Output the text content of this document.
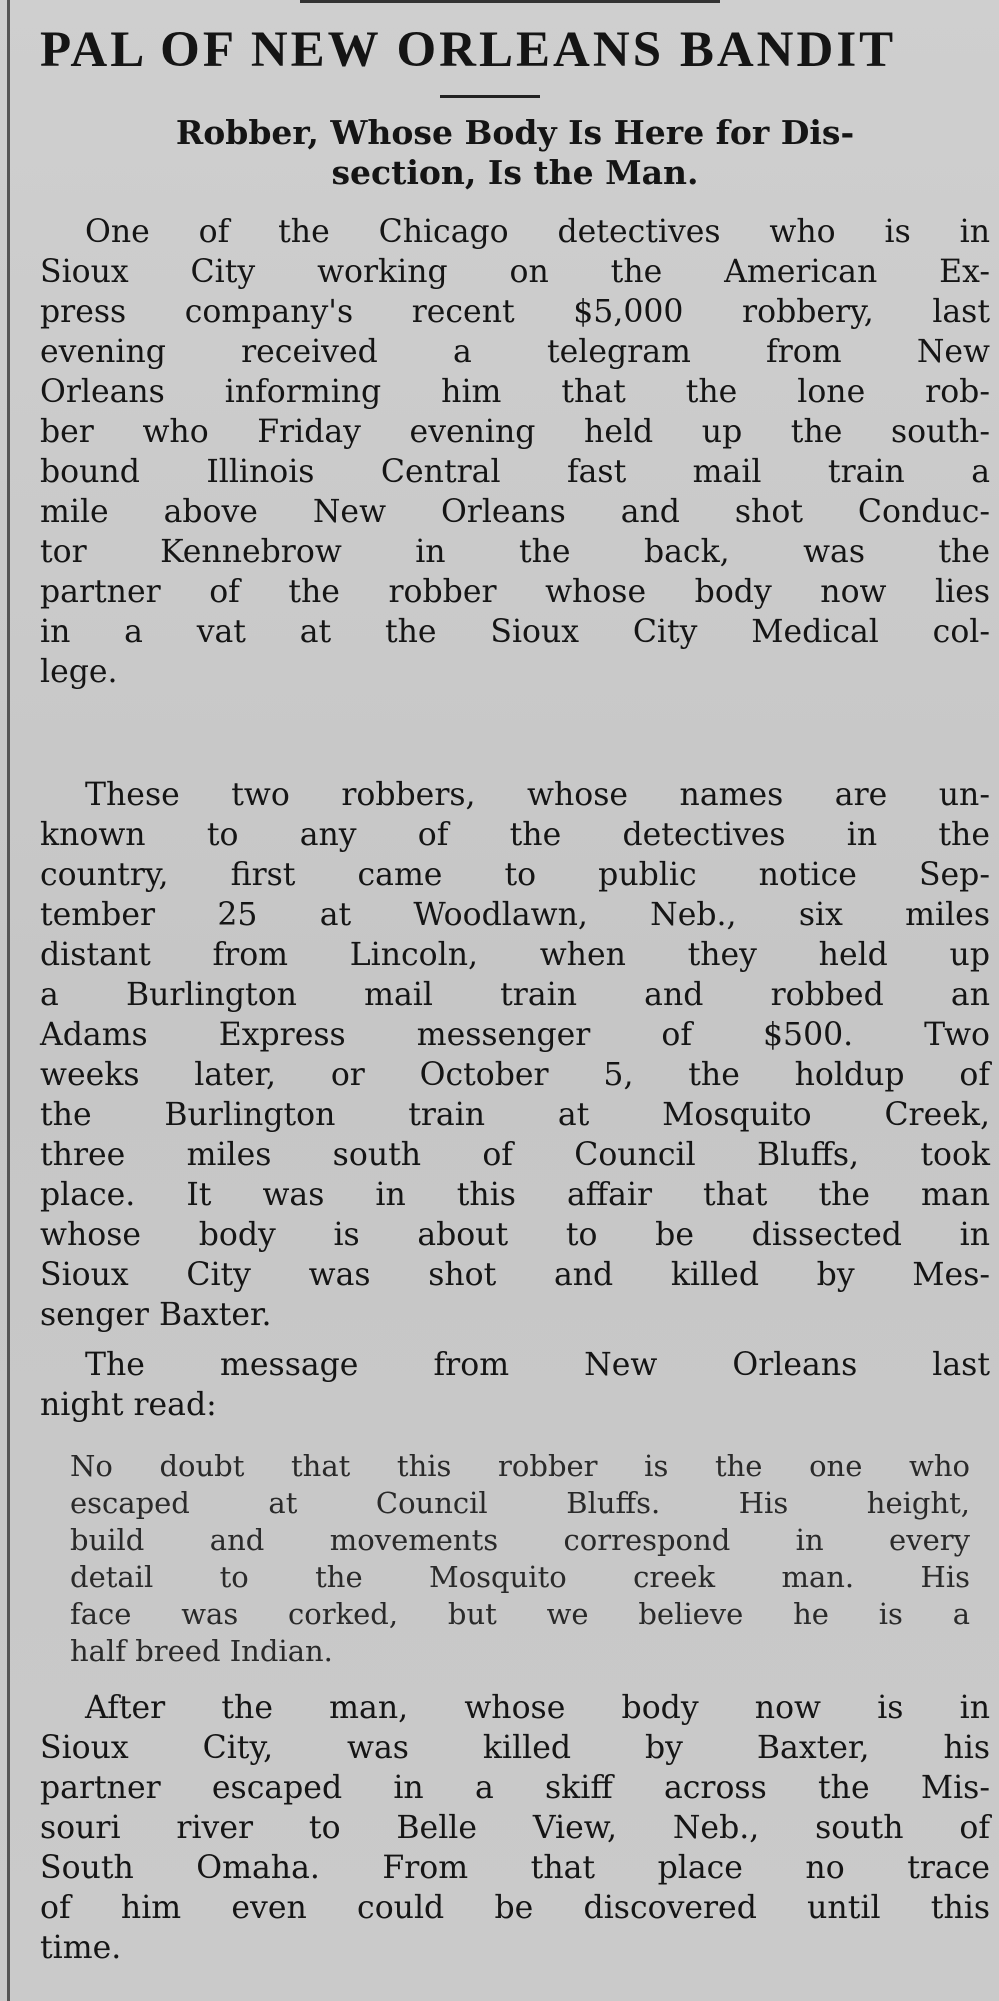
PAL OF NEW ORLEANS BANDIT
Robber, Whose Body Is Here for Dis-
section, Is the Man.
One of the Chicago detectives who is in
Sioux City working on the American Ex-
press company's recent $5,000 robbery, last
evening received a telegram from New
Orleans informing him that the lone rob-
ber who Friday evening held up the south-
bound Illinois Central fast mail train a
mile above New Orleans and shot Conduc-
tor Kennebrow in the back, was the
partner of the robber whose body now lies
in a vat at the Sioux City Medical col-
lege.
These two robbers, whose names are un-
known to any of the detectives in the
country, first came to public notice Sep-
tember 25 at Woodlawn, Neb., six miles
distant from Lincoln, when they held up
a Burlington mail train and robbed an
Adams Express messenger of $500. Two
weeks later, or October 5, the holdup of
the Burlington train at Mosquito Creek,
three miles south of Council Bluffs, took
place. It was in this affair that the man
whose body is about to be dissected in
Sioux City was shot and killed by Mes-
senger Baxter.
The message from New Orleans last
night read:
No doubt that this robber is the one who
escaped at Council Bluffs. His height,
build and movements correspond in every
detail to the Mosquito creek man. His
face was corked, but we believe he is a
half breed Indian.
After the man, whose body now is in
Sioux City, was killed by Baxter, his
partner escaped in a skiff across the Mis-
souri river to Belle View, Neb., south of
South Omaha. From that place no trace
of him even could be discovered until this
time.
